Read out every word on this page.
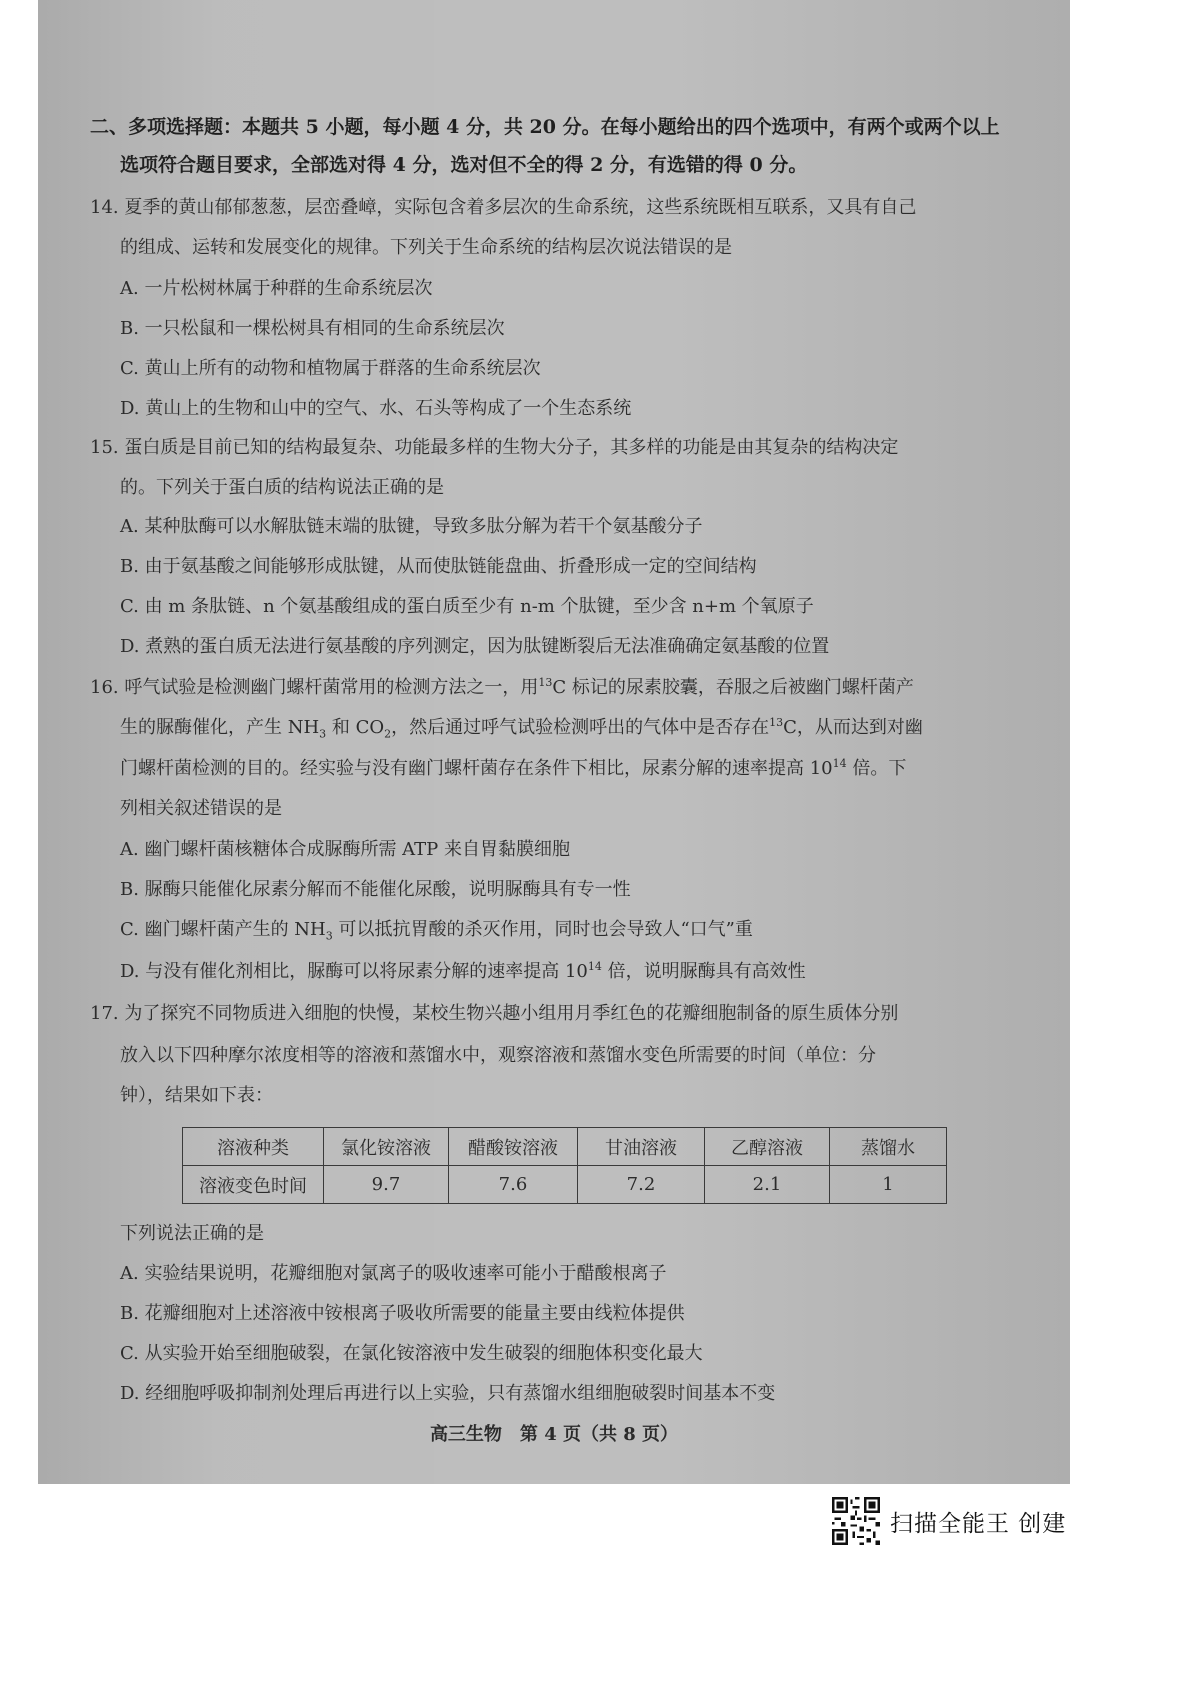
二、多项选择题：本题共 5 小题，每小题 4 分，共 20 分。在每小题给出的四个选项中，有两个或两个以上
选项符合题目要求，全部选对得 4 分，选对但不全的得 2 分，有选错的得 0 分。
14. 夏季的黄山郁郁葱葱，层峦叠嶂，实际包含着多层次的生命系统，这些系统既相互联系，又具有自己
的组成、运转和发展变化的规律。下列关于生命系统的结构层次说法错误的是
A. 一片松树林属于种群的生命系统层次
B. 一只松鼠和一棵松树具有相同的生命系统层次
C. 黄山上所有的动物和植物属于群落的生命系统层次
D. 黄山上的生物和山中的空气、水、石头等构成了一个生态系统
15. 蛋白质是目前已知的结构最复杂、功能最多样的生物大分子，其多样的功能是由其复杂的结构决定
的。下列关于蛋白质的结构说法正确的是
A. 某种肽酶可以水解肽链末端的肽键，导致多肽分解为若干个氨基酸分子
B. 由于氨基酸之间能够形成肽键，从而使肽链能盘曲、折叠形成一定的空间结构
C. 由 m 条肽链、n 个氨基酸组成的蛋白质至少有 n-m 个肽键，至少含 n+m 个氧原子
D. 煮熟的蛋白质无法进行氨基酸的序列测定，因为肽键断裂后无法准确确定氨基酸的位置
16. 呼气试验是检测幽门螺杆菌常用的检测方法之一，用$^{13}$C 标记的尿素胶囊，吞服之后被幽门螺杆菌产
生的脲酶催化，产生 $NH_3$ 和 $CO_2$，然后通过呼气试验检测呼出的气体中是否存在$^{13}$C，从而达到对幽
门螺杆菌检测的目的。经实验与没有幽门螺杆菌存在条件下相比，尿素分解的速率提高 $10^{14}$ 倍。下
列相关叙述错误的是
A. 幽门螺杆菌核糖体合成脲酶所需 ATP 来自胃黏膜细胞
B. 脲酶只能催化尿素分解而不能催化尿酸，说明脲酶具有专一性
C. 幽门螺杆菌产生的 $NH_3$ 可以抵抗胃酸的杀灭作用，同时也会导致人“口气”重
D. 与没有催化剂相比，脲酶可以将尿素分解的速率提高 $10^{14}$ 倍，说明脲酶具有高效性
17. 为了探究不同物质进入细胞的快慢，某校生物兴趣小组用月季红色的花瓣细胞制备的原生质体分别
放入以下四种摩尔浓度相等的溶液和蒸馏水中，观察溶液和蒸馏水变色所需要的时间（单位：分
钟），结果如下表：
溶液种类	氯化铵溶液	醋酸铵溶液	甘油溶液	乙醇溶液	蒸馏水
溶液变色时间	9.7	7.6	7.2	2.1	1
下列说法正确的是
A. 实验结果说明，花瓣细胞对氯离子的吸收速率可能小于醋酸根离子
B. 花瓣细胞对上述溶液中铵根离子吸收所需要的能量主要由线粒体提供
C. 从实验开始至细胞破裂，在氯化铵溶液中发生破裂的细胞体积变化最大
D. 经细胞呼吸抑制剂处理后再进行以上实验，只有蒸馏水组细胞破裂时间基本不变
高三生物　第 4 页（共 8 页）
扫描全能王 创建
